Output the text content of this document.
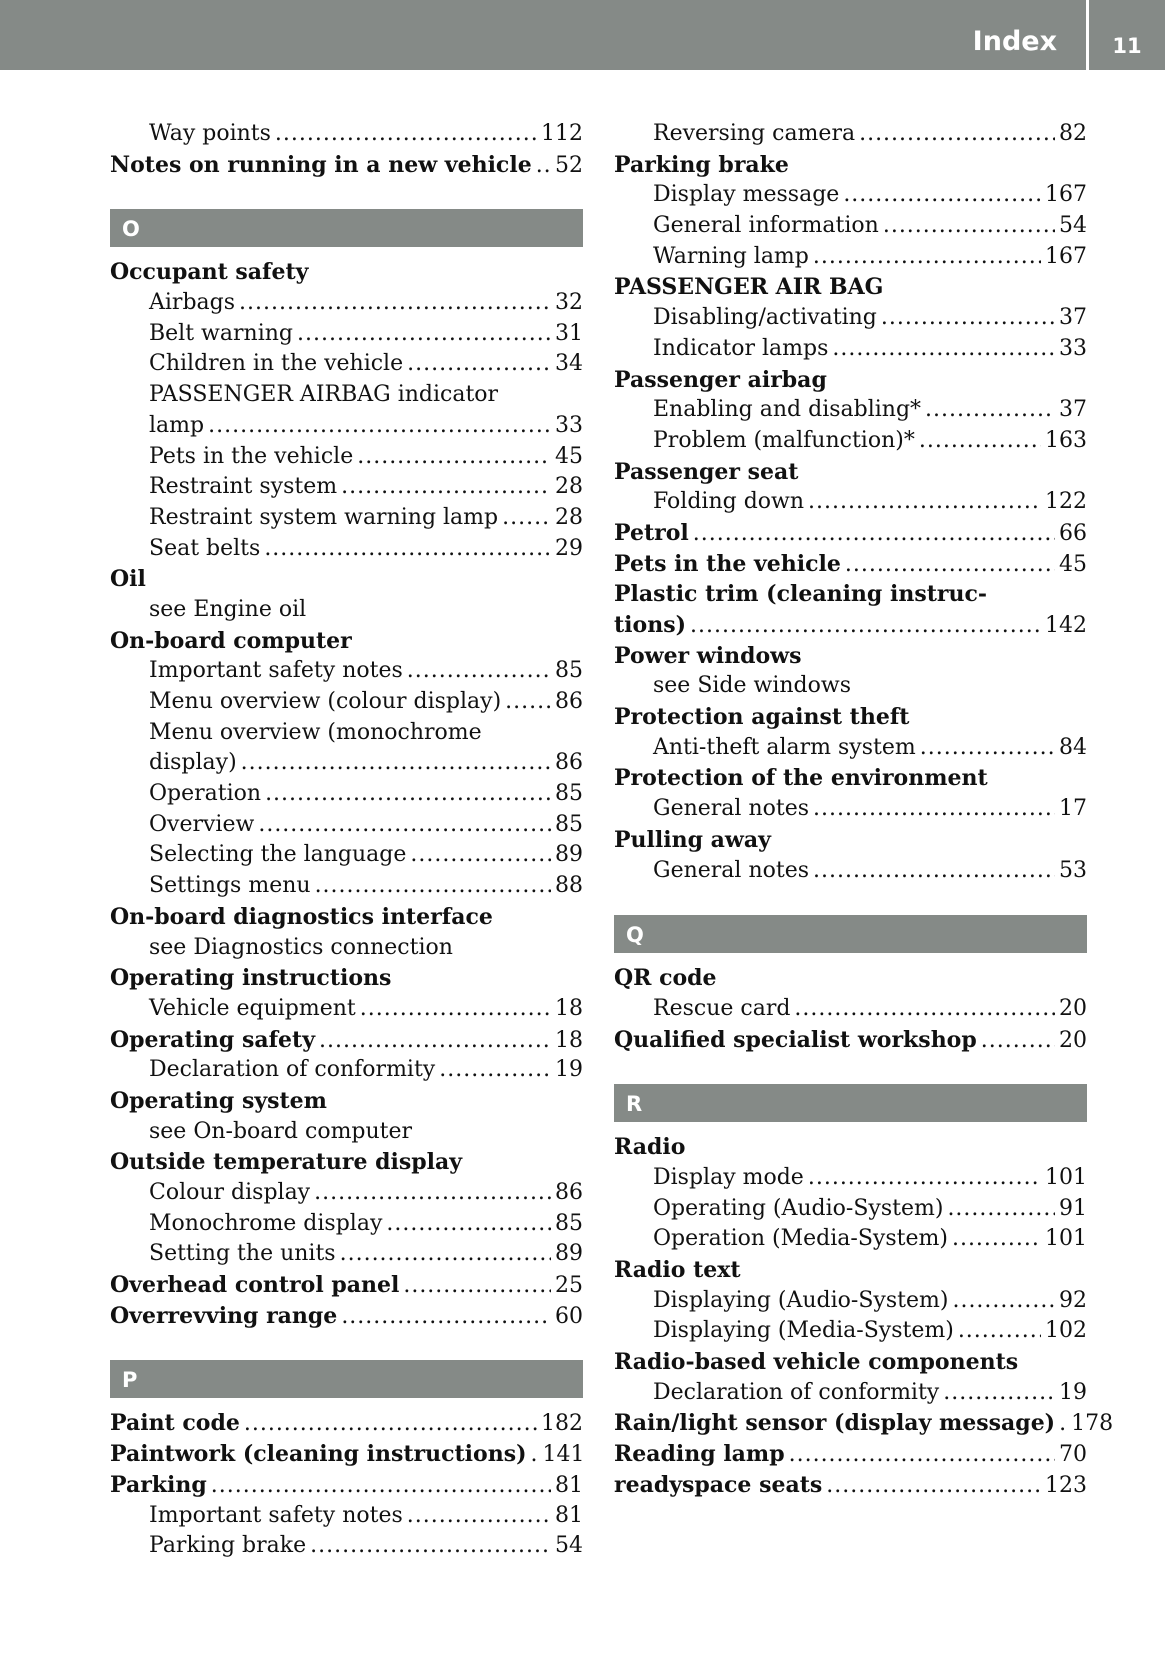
Index	11
Way points .....	112
Notes on running in a new vehicle ..... 52
O
Occupant safety
Airbags .....	32
Belt warning .....	31
Children in the vehicle .....	34
PASSENGER AIRBAG indicator
lamp .....	33
Pets in the vehicle .....	45
Restraint system .....	28
Restraint system warning lamp .....	28
Seat belts .....	29
Oil
see Engine oil
On-board computer
Important safety notes .....	85
Menu overview (colour display) ..... 86
Menu overview (monochrome
display) .....	86
Operation .....	85
Overview .....	85
Selecting the language .....	89
Settings menu .....	88
On-board diagnostics interface
see Diagnostics connection
Operating instructions
Vehicle equipment .....	18
Operating safety .....	18
Declaration of conformity .....	19
Operating system
see On-board computer
Outside temperature display
Colour display .....	86
Monochrome display .....	85
Setting the units .....	89
Overhead control panel .....	25
Overrevving range .....	60
P
Paint code .....	182
Paintwork (cleaning instructions) ..... 141
Parking .....	81
Important safety notes .....	81
Parking brake .....	54
Reversing camera .....	82
Parking brake
Display message .....	167
General information .....	54
Warning lamp .....	167
PASSENGER AIR BAG
Disabling/activating .....	37
Indicator lamps .....	33
Passenger airbag
Enabling and disabling* .....	37
Problem (malfunction)* .....	163
Passenger seat
Folding down .....	122
Petrol .....	66
Pets in the vehicle .....	45
Plastic trim (cleaning instruc-
tions) .....	142
Power windows
see Side windows
Protection against theft
Anti-theft alarm system .....	84
Protection of the environment
General notes .....	17
Pulling away
General notes .....	53
Q
QR code
Rescue card .....	20
Qualified specialist workshop .....	20
R
Radio
Display mode .....	101
Operating (Audio-System) .....	91
Operation (Media-System) .....	101
Radio text
Displaying (Audio-System) .....	92
Displaying (Media-System) .....	102
Radio-based vehicle components
Declaration of conformity .....	19
Rain/light sensor (display message) ..... 178
Reading lamp .....	70
readyspace seats .....	123
